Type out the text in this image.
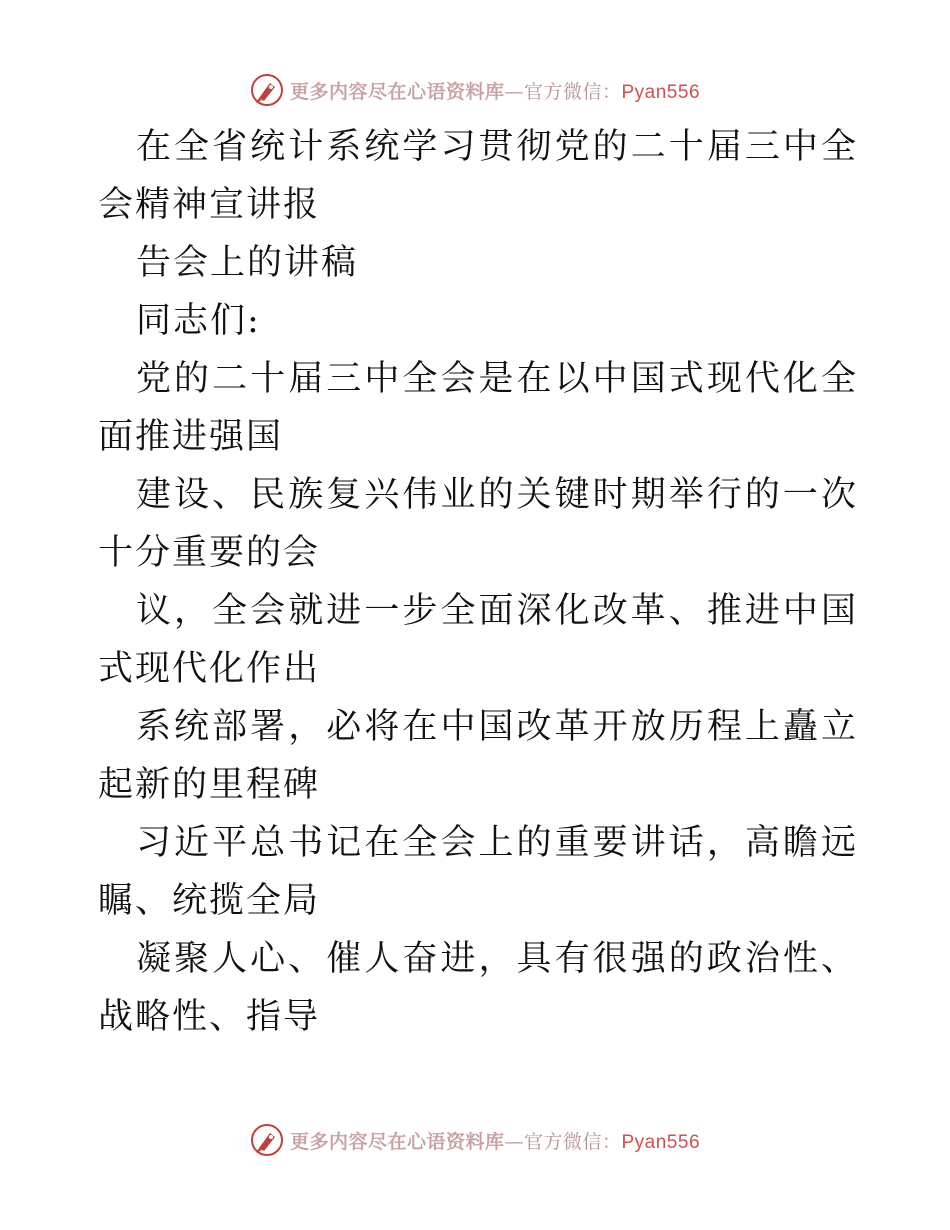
更多内容尽在心语资料库—官方微信：Pyan556

在全省统计系统学习贯彻党的二十届三中全会精神宣讲报

告会上的讲稿

同志们:

党的二十届三中全会是在以中国式现代化全面推进强国

建设、民族复兴伟业的关键时期举行的一次十分重要的会

议，全会就进一步全面深化改革、推进中国式现代化作出

系统部署，必将在中国改革开放历程上矗立起新的里程碑

习近平总书记在全会上的重要讲话，高瞻远瞩、统揽全局

凝聚人心、催人奋进，具有很强的政治性、战略性、指导

更多内容尽在心语资料库—官方微信：Pyan556
